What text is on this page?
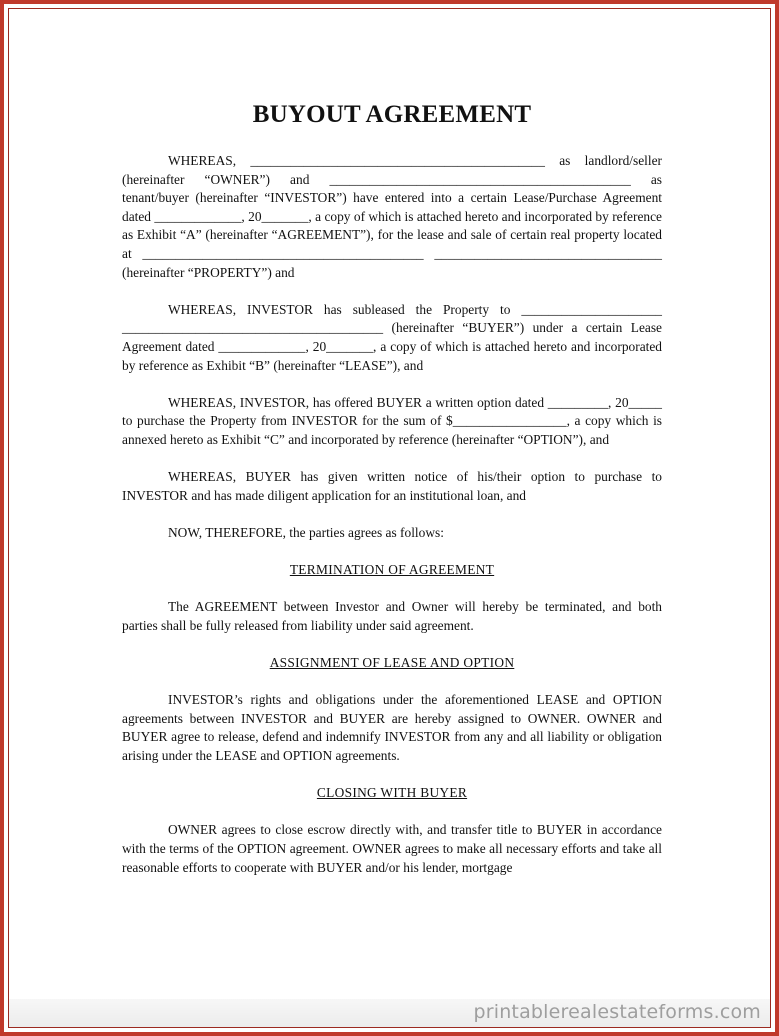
BUYOUT AGREEMENT

WHEREAS, ____________________________________________ as landlord/seller (hereinafter “OWNER”) and _____________________________________________ as tenant/buyer (hereinafter “INVESTOR”) have entered into a certain Lease/Purchase Agreement dated _____________, 20_______, a copy of which is attached hereto and incorporated by reference as Exhibit “A” (hereinafter “AGREEMENT”), for the lease and sale of certain real property located at __________________________________________ __________________________________ (hereinafter “PROPERTY”) and

WHEREAS, INVESTOR has subleased the Property to _____________________ _______________________________________ (hereinafter “BUYER”) under a certain Lease Agreement dated _____________, 20_______, a copy of which is attached hereto and incorporated by reference as Exhibit “B” (hereinafter “LEASE”), and

WHEREAS, INVESTOR, has offered BUYER a written option dated _________, 20_____ to purchase the Property from INVESTOR for the sum of $_________________, a copy which is annexed hereto as Exhibit “C” and incorporated by reference (hereinafter “OPTION”), and

WHEREAS, BUYER has given written notice of his/their option to purchase to INVESTOR and has made diligent application for an institutional loan, and

NOW, THEREFORE, the parties agrees as follows:

TERMINATION OF AGREEMENT

The AGREEMENT between Investor and Owner will hereby be terminated, and both parties shall be fully released from liability under said agreement.

ASSIGNMENT OF LEASE AND OPTION

INVESTOR’s rights and obligations under the aforementioned LEASE and OPTION agreements between INVESTOR and BUYER are hereby assigned to OWNER. OWNER and BUYER agree to release, defend and indemnify INVESTOR from any and all liability or obligation arising under the LEASE and OPTION agreements.

CLOSING WITH BUYER

OWNER agrees to close escrow directly with, and transfer title to BUYER in accordance with the terms of the OPTION agreement. OWNER agrees to make all necessary efforts and take all reasonable efforts to cooperate with BUYER and/or his lender, mortgage

printablerealestateforms.com
